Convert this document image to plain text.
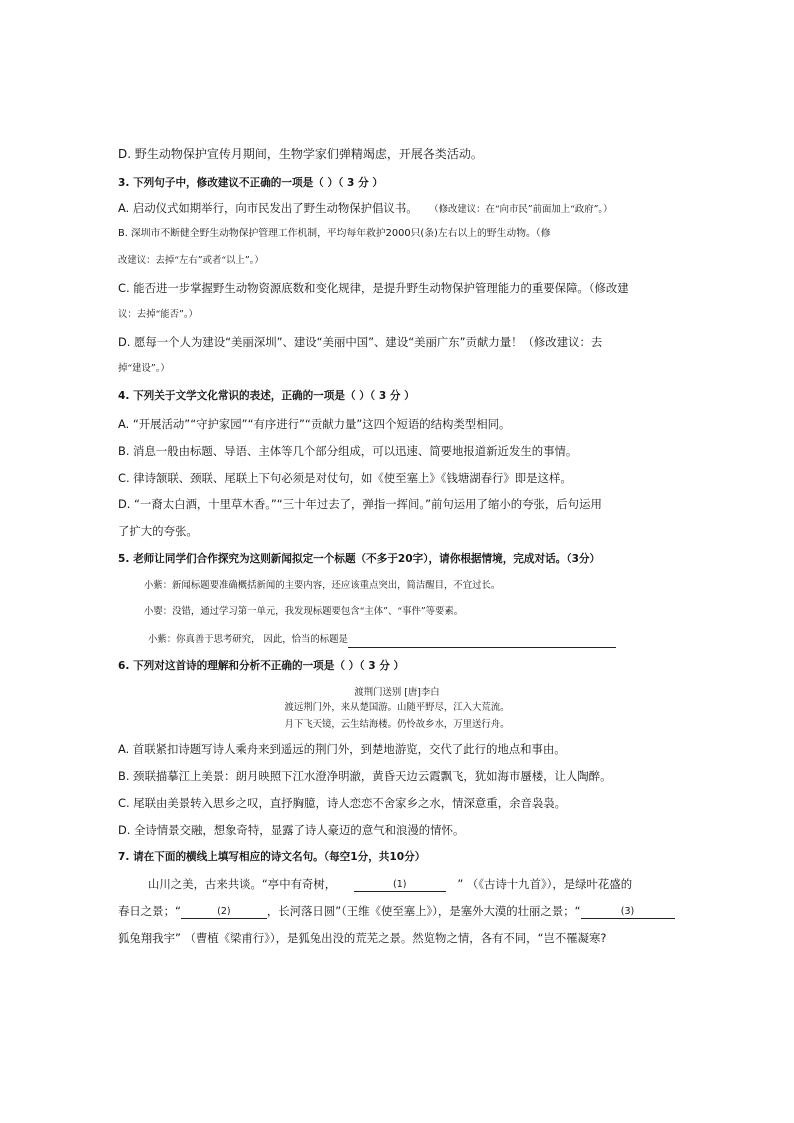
D. 野生动物保护宣传月期间，生物学家们弹精竭虑，开展各类活动。
3. 下列句子中，修改建议不正确的一项是（ ）（ 3 分 ）
A. 启动仪式如期举行，向市民发出了野生动物保护倡议书。 （修改建议：在“向市民”前面加上“政府”。）
B. 深圳市不断健全野生动物保护管理工作机制，平均每年救护2000只(条)左右以上的野生动物。（修
改建议：去掉“左右”或者“以上”。）
C. 能否进一步掌握野生动物资源底数和变化规律，是提升野生动物保护管理能力的重要保障。（修改建
议：去掉“能否”。）
D. 愿每一个人为建设“美丽深圳”、建设“美丽中国”、建设“美丽广东”贡献力量！（修改建议：去
掉“建设”。）
4. 下列关于文学文化常识的表述，正确的一项是（ ）（ 3 分 ）
A. “开展活动”“守护家园”“有序进行”“贡献力量”这四个短语的结构类型相同。
B. 消息一般由标题、导语、主体等几个部分组成，可以迅速、简要地报道新近发生的事情。
C. 律诗颔联、颈联、尾联上下句必须是对仗句，如《使至塞上》《钱塘湖春行》即是这样。
D. “一裔太白酒，十里草木香。”“三十年过去了，弹指一挥间。”前句运用了缩小的夸张，后句运用
了扩大的夸张。
5. 老师让同学们合作探究为这则新闻拟定一个标题（不多于20字），请你根据情境，完成对话。（3分）
小紫：新闻标题要准确概括新闻的主要内容，还应该重点突出，简洁醒目，不宜过长。
小婴：没错，通过学习第一单元，我发现标题要包含“主体”、“事件”等要素。
小紫：你真善于思考研究， 因此，恰当的标题是
6. 下列对这首诗的理解和分析不正确的一项是（ ）（ 3 分 ）
渡荆门送别 [唐]李白
渡远荆门外，来从楚国游。山随平野尽，江入大荒流。
月下飞天镜，云生结海楼。仍怜故乡水，万里送行舟。
A. 首联紧扣诗题写诗人乘舟来到遥远的荆门外，到楚地游览，交代了此行的地点和事由。
B. 颈联描摹江上美景：朗月映照下江水澄净明澈，黄昏天边云霞飘飞，犹如海市蜃楼，让人陶醉。
C. 尾联由美景转入思乡之叹，直抒胸臆，诗人恋恋不舍家乡之水，情深意重，余音袅袅。
D. 全诗情景交融，想象奇特，显露了诗人豪迈的意气和浪漫的情怀。
7. 请在下面的横线上填写相应的诗文名句。（每空1分，共10分）
山川之美，古来共谈。“亭中有奇树，	(1)	” （《古诗十九首》），是绿叶花盛的
春日之景；“	(2)	，长河落日圆”（王维《使至塞上》），是塞外大漠的壮丽之景；“	(3)
狐兔翔我宇” （曹植《梁甫行》），是狐兔出没的荒芜之景。然览物之情，各有不同，“岂不罹凝寒?
